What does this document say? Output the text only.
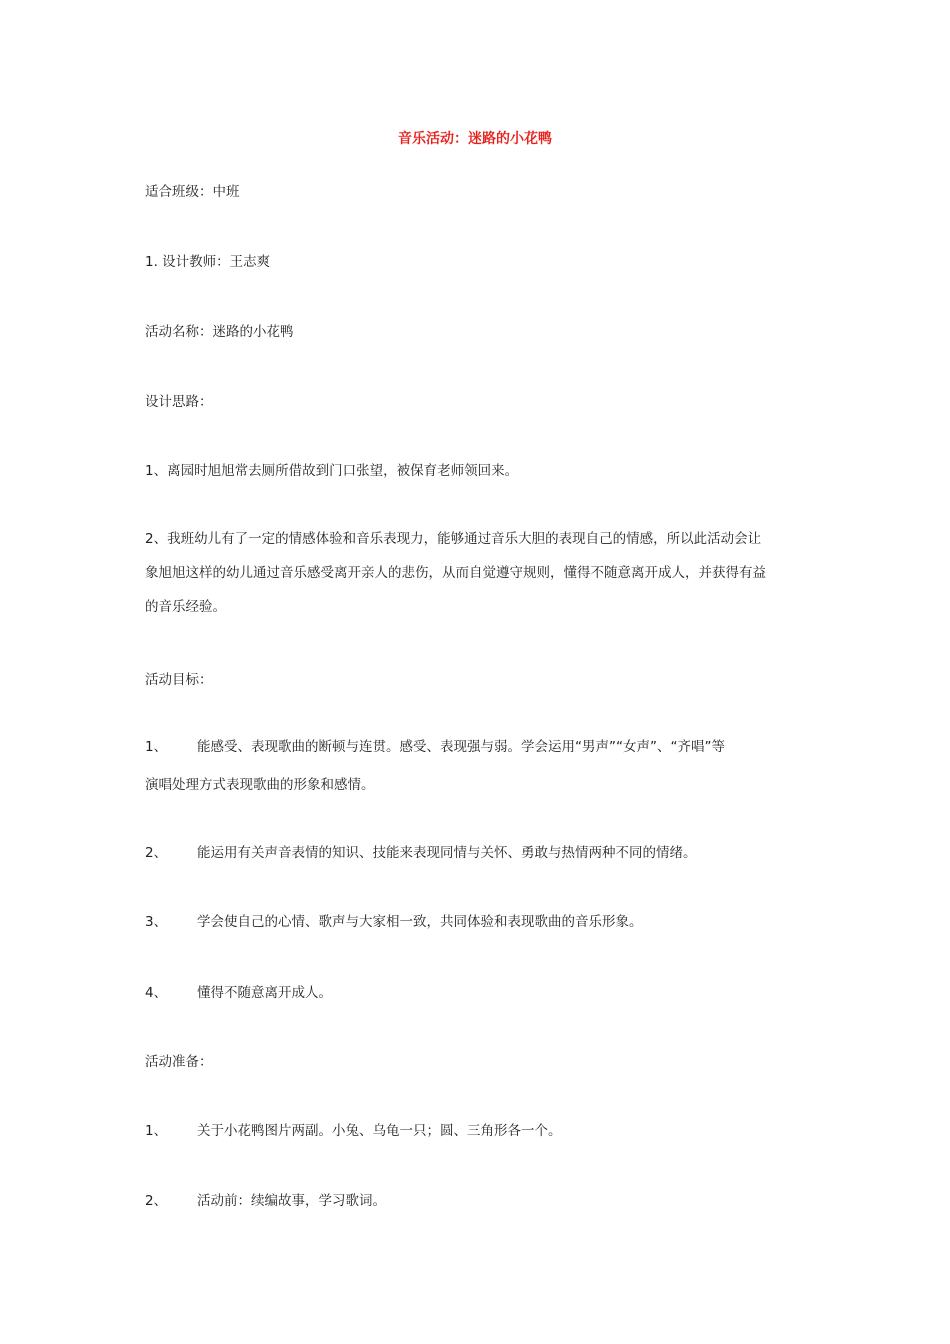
音乐活动：迷路的小花鸭
适合班级：中班
1. 设计教师：王志爽
活动名称：迷路的小花鸭
设计思路：
1、离园时旭旭常去厕所借故到门口张望，被保育老师领回来。
2、我班幼儿有了一定的情感体验和音乐表现力，能够通过音乐大胆的表现自己的情感，所以此活动会让
象旭旭这样的幼儿通过音乐感受离开亲人的悲伤，从而自觉遵守规则，懂得不随意离开成人，并获得有益
的音乐经验。
活动目标：
1、 能感受、表现歌曲的断顿与连贯。感受、表现强与弱。学会运用“男声”“女声”、“齐唱”等
演唱处理方式表现歌曲的形象和感情。
2、 能运用有关声音表情的知识、技能来表现同情与关怀、勇敢与热情两种不同的情绪。
3、 学会使自己的心情、歌声与大家相一致，共同体验和表现歌曲的音乐形象。
4、 懂得不随意离开成人。
活动准备：
1、 关于小花鸭图片两副。小兔、乌龟一只；圆、三角形各一个。
2、 活动前：续编故事，学习歌词。
